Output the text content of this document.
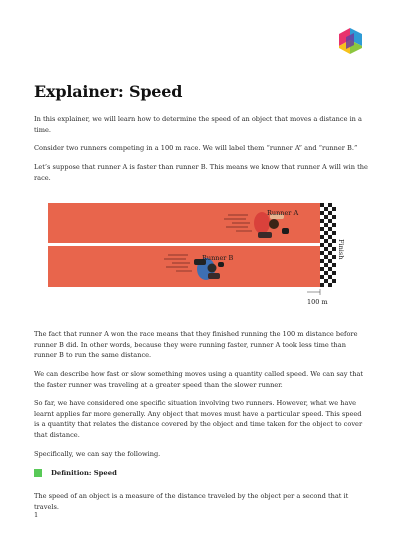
Explainer: Speed

In this explainer, we will learn how to determine the speed of an object that moves a distance in a time.

Consider two runners competing in a 100 m race. We will label them “runner A” and “runner B.”

Let’s suppose that runner A is faster than runner B. This means we know that runner A will win the race.

Runner A
Runner B	Finish
100 m

The fact that runner A won the race means that they finished running the 100 m distance before runner B did. In other words, because they were running faster, runner A took less time than runner B to run the same distance.

We can describe how fast or slow something moves using a quantity called speed. We can say that the faster runner was traveling at a greater speed than the slower runner.

So far, we have considered one specific situation involving two runners. However, what we have learnt applies far more generally. Any object that moves must have a particular speed. This speed is a quantity that relates the distance covered by the object and time taken for the object to cover that distance.

Specifically, we can say the following.

Definition: Speed

The speed of an object is a measure of the distance traveled by the object per a second that it travels.

1
